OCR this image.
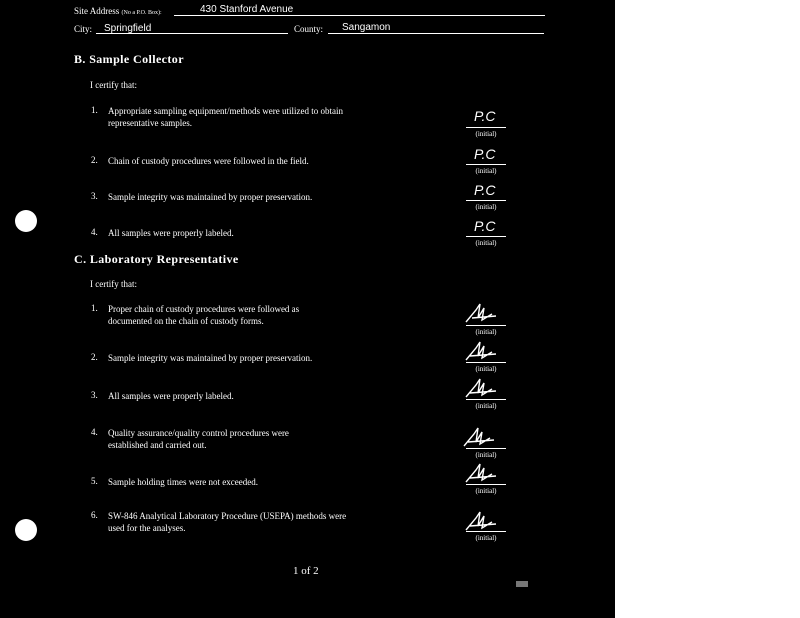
Site Address (No a P.O. Box):	430 Stanford Avenue
City: Springfield	County: Sangamon
B. Sample Collector
I certify that:
1. Appropriate sampling equipment/methods were utilized to obtain representative samples.	P.C
(initial)
2. Chain of custody procedures were followed in the field.	P.C
(initial)
3. Sample integrity was maintained by proper preservation.	P.C
(initial)
4. All samples were properly labeled.	P.C
(initial)
C. Laboratory Representative
I certify that:
1. Proper chain of custody procedures were followed as documented on the chain of custody forms.
(initial)
2. Sample integrity was maintained by proper preservation.
(initial)
3. All samples were properly labeled.
(initial)
4. Quality assurance/quality control procedures were established and carried out.
(initial)
5. Sample holding times were not exceeded.
(initial)
6. SW-846 Analytical Laboratory Procedure (USEPA) methods were used for the analyses.
(initial)
1 of 2
